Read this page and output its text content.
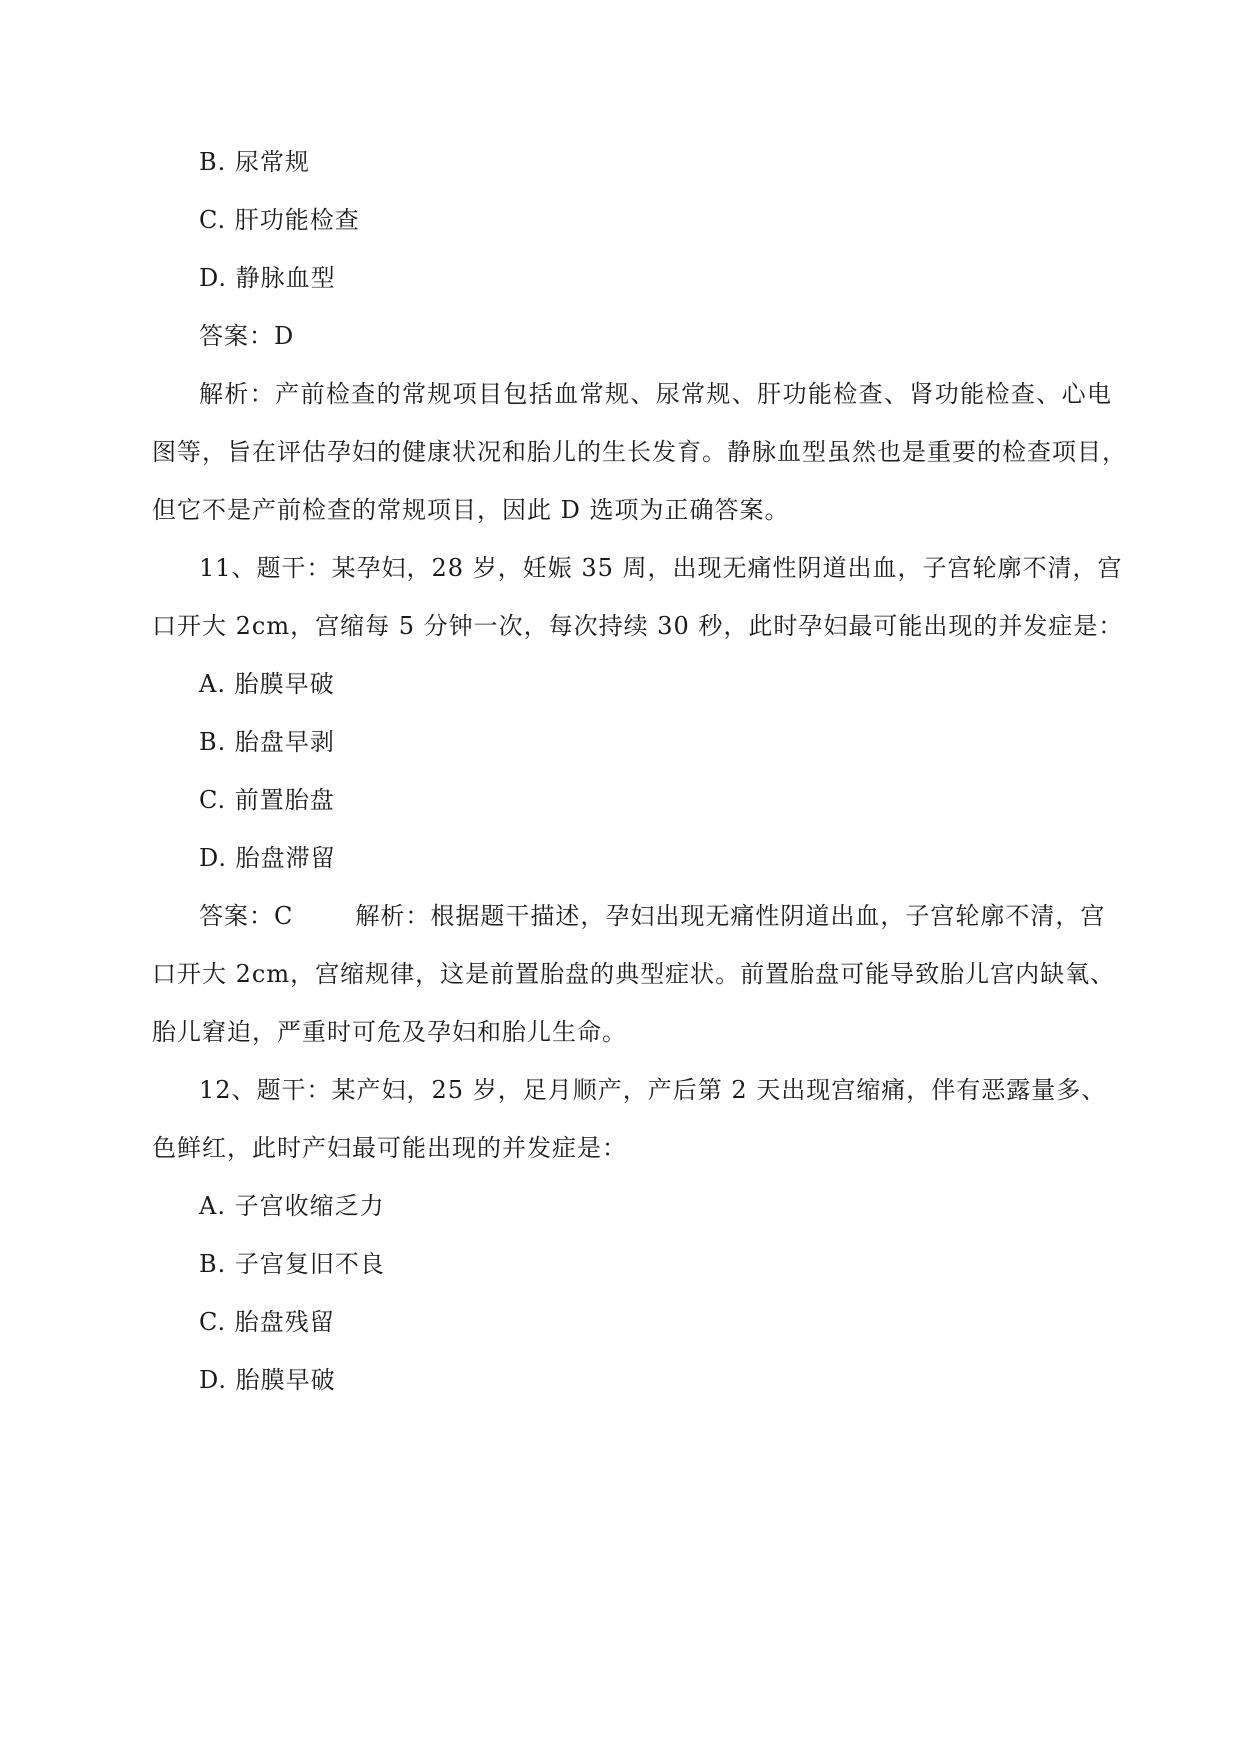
B. 尿常规
C. 肝功能检查
D. 静脉血型
答案：D
解析：产前检查的常规项目包括血常规、尿常规、肝功能检查、肾功能检查、心电
图等，旨在评估孕妇的健康状况和胎儿的生长发育。静脉血型虽然也是重要的检查项目，
但它不是产前检查的常规项目，因此 D 选项为正确答案。
11、题干：某孕妇，28 岁，妊娠 35 周，出现无痛性阴道出血，子宫轮廓不清，宫
口开大 2cm，宫缩每 5 分钟一次，每次持续 30 秒，此时孕妇最可能出现的并发症是：
A. 胎膜早破
B. 胎盘早剥
C. 前置胎盘
D. 胎盘滞留
答案：C	解析：根据题干描述，孕妇出现无痛性阴道出血，子宫轮廓不清，宫
口开大 2cm，宫缩规律，这是前置胎盘的典型症状。前置胎盘可能导致胎儿宫内缺氧、
胎儿窘迫，严重时可危及孕妇和胎儿生命。
12、题干：某产妇，25 岁，足月顺产，产后第 2 天出现宫缩痛，伴有恶露量多、
色鲜红，此时产妇最可能出现的并发症是：
A. 子宫收缩乏力
B. 子宫复旧不良
C. 胎盘残留
D. 胎膜早破
